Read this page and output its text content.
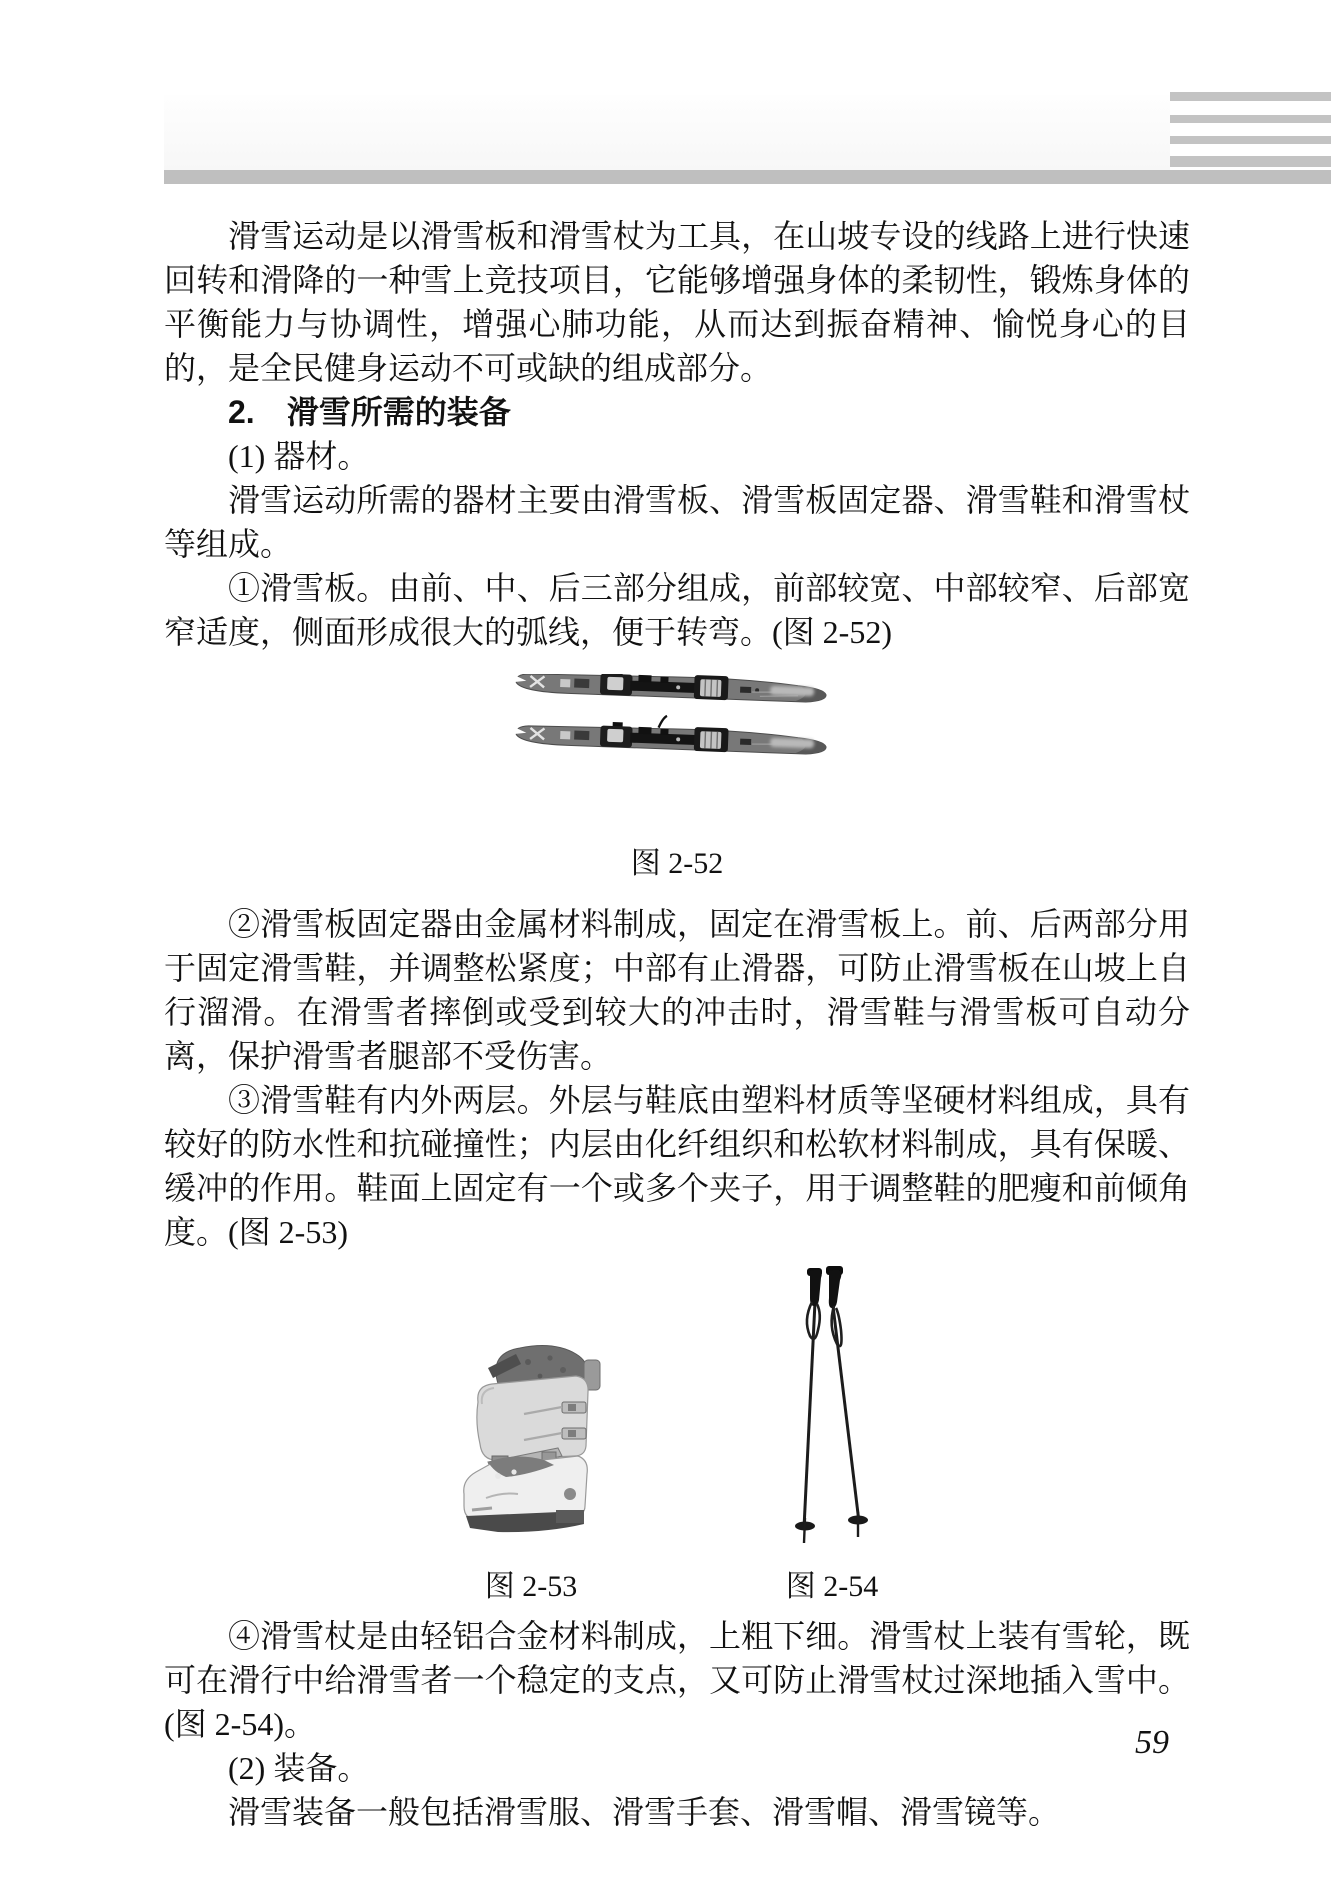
滑雪运动是以滑雪板和滑雪杖为工具，在山坡专设的线路上进行快速回转和滑降的一种雪上竞技项目，它能够增强身体的柔韧性，锻炼身体的平衡能力与协调性，增强心肺功能，从而达到振奋精神、愉悦身心的目的，是全民健身运动不可或缺的组成部分。

2.　滑雪所需的装备

(1) 器材。

滑雪运动所需的器材主要由滑雪板、滑雪板固定器、滑雪鞋和滑雪杖等组成。

①滑雪板。由前、中、后三部分组成，前部较宽、中部较窄、后部宽窄适度，侧面形成很大的弧线，便于转弯。(图 2-52)

图 2-52

②滑雪板固定器由金属材料制成，固定在滑雪板上。前、后两部分用于固定滑雪鞋，并调整松紧度；中部有止滑器，可防止滑雪板在山坡上自行溜滑。在滑雪者摔倒或受到较大的冲击时，滑雪鞋与滑雪板可自动分离，保护滑雪者腿部不受伤害。

③滑雪鞋有内外两层。外层与鞋底由塑料材质等坚硬材料组成，具有较好的防水性和抗碰撞性；内层由化纤组织和松软材料制成，具有保暖、缓冲的作用。鞋面上固定有一个或多个夹子，用于调整鞋的肥瘦和前倾角度。(图 2-53)

图 2-53	图 2-54

④滑雪杖是由轻铝合金材料制成，上粗下细。滑雪杖上装有雪轮，既可在滑行中给滑雪者一个稳定的支点，又可防止滑雪杖过深地插入雪中。(图 2-54)。

(2) 装备。

滑雪装备一般包括滑雪服、滑雪手套、滑雪帽、滑雪镜等。

59
